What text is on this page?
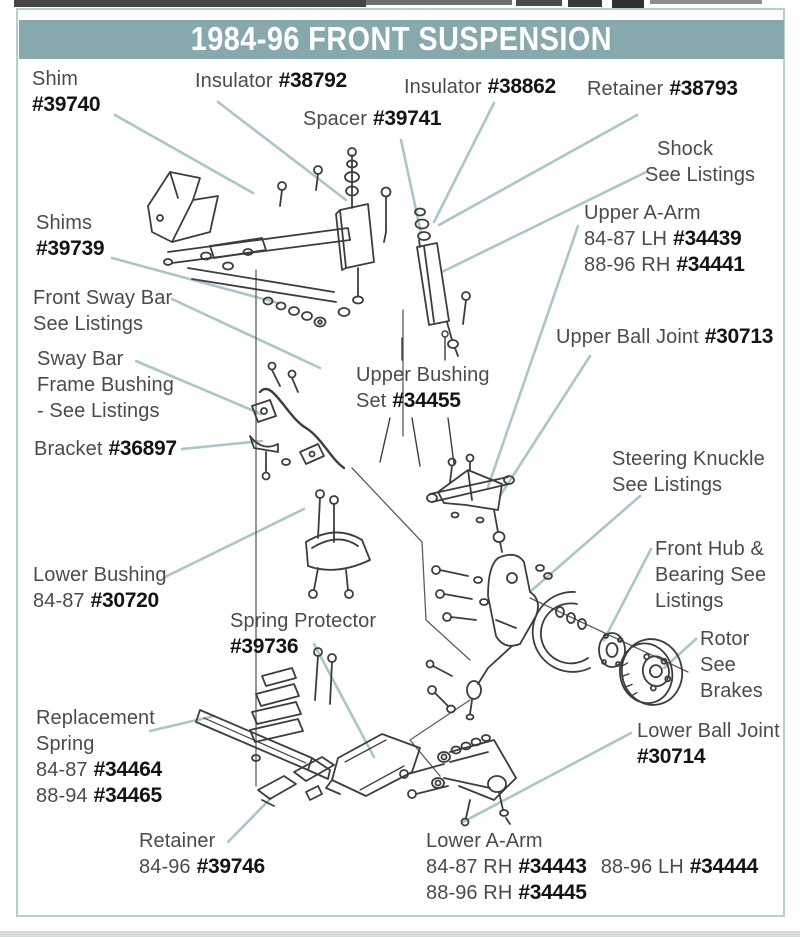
1984-96 FRONT SUSPENSION
Shim
#39740
Insulator #38792
Spacer #39741
Insulator #38862 Retainer #38793
Shock
See Listings
Upper A-Arm
84-87 LH #34439
88-96 RH #34441
Shims
#39739
Front Sway Bar
See Listings
Sway Bar
Frame Bushing
- See Listings
Bracket #36897
Upper Bushing
Set #34455
Upper Ball Joint #30713
Steering Knuckle
See Listings
Front Hub &
Bearing See
Listings
Rotor
See
Brakes
Lower Bushing
84-87 #30720
Spring Protector
#39736
Replacement
Spring
84-87 #34464
88-94 #34465
Retainer
84-96 #39746
Lower Ball Joint
#30714
Lower A-Arm
84-87 RH #34443 88-96 LH #34444
88-96 RH #34445
